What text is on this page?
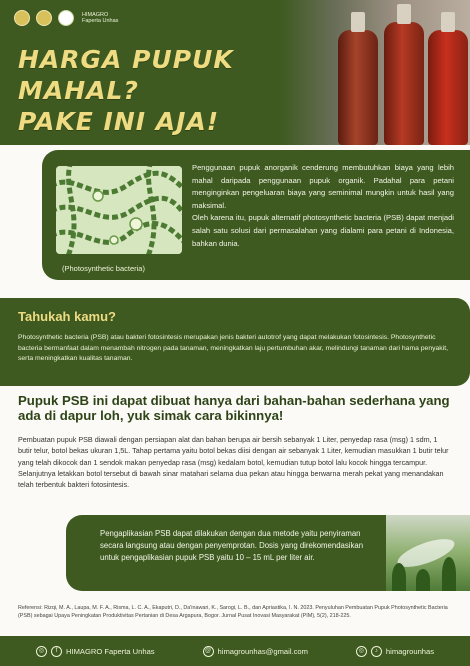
HIMAGRO Faperta Unhas
HARGA PUPUK MAHAL?
PAKE INI AJA!
(Photosynthetic bacteria)

Penggunaan pupuk anorganik cenderung membutuhkan biaya yang lebih mahal daripada penggunaan pupuk organik. Padahal para petani menginginkan pengeluaran biaya yang seminimal mungkin untuk hasil yang maksimal.

Oleh karena itu, pupuk alternatif photosynthetic bacteria (PSB) dapat menjadi salah satu solusi dari permasalahan yang dialami para petani di Indonesia, bahkan dunia.

Tahukah kamu?
Photosynthetic bacteria (PSB) atau bakteri fotosintesis merupakan jenis bakteri autotrof yang dapat melakukan fotosintesis. Photosynthetic bacteria bermanfaat dalam menambah nitrogen pada tanaman, meningkatkan laju pertumbuhan akar, melindungi tanaman dari hama penyakit, serta meningkatkan kualitas tanaman.
Pupuk PSB ini dapat dibuat hanya dari bahan-bahan sederhana yang ada di dapur loh, yuk simak cara bikinnya!
Pembuatan pupuk PSB diawali dengan persiapan alat dan bahan berupa air bersih sebanyak 1 Liter, penyedap rasa (msg) 1 sdm, 1 butir telur, botol bekas ukuran 1,5L. Tahap pertama yaitu botol bekas diisi dengan air sebanyak 1 Liter, kemudian masukkan 1 butir telur yang telah dikocok dan 1 sendok makan penyedap rasa (msg) kedalam botol, kemudian tutup botol lalu kocok hingga tercampur. Selanjutnya letakkan botol tersebut di bawah sinar matahari selama dua pekan atau hingga berwarna merah pekat yang menandakan telah terbentuk bakteri fotosintesis.
Pengaplikasian PSB dapat dilakukan dengan dua metode yaitu penyiraman secara langsung atau dengan penyemprotan. Dosis yang direkomendasikan untuk pengaplikasian pupuk PSB yaitu 10 – 15 mL per liter air.
Referensi: Rizqi, M. A., Laupa, M. F. A., Risma, L. C. A., Ekaputri, D., Da'inawari, K., Sarogi, L. B., dan Apriastika, I. N. 2023. Penyuluhan Pembuatan Pupuk Photosynthetic Bacteria (PSB) sebagai Upaya Peningkatan Produktivitas Pertanian di Desa Argapura, Bogor. Jurnal Pusat Inovasi Masyarakat (PIM), 5(2), 218-225.
◎	f	HIMAGRO Faperta Unhas	@ himagrounhas@gmail.com	◎	♪	himagrounhas
